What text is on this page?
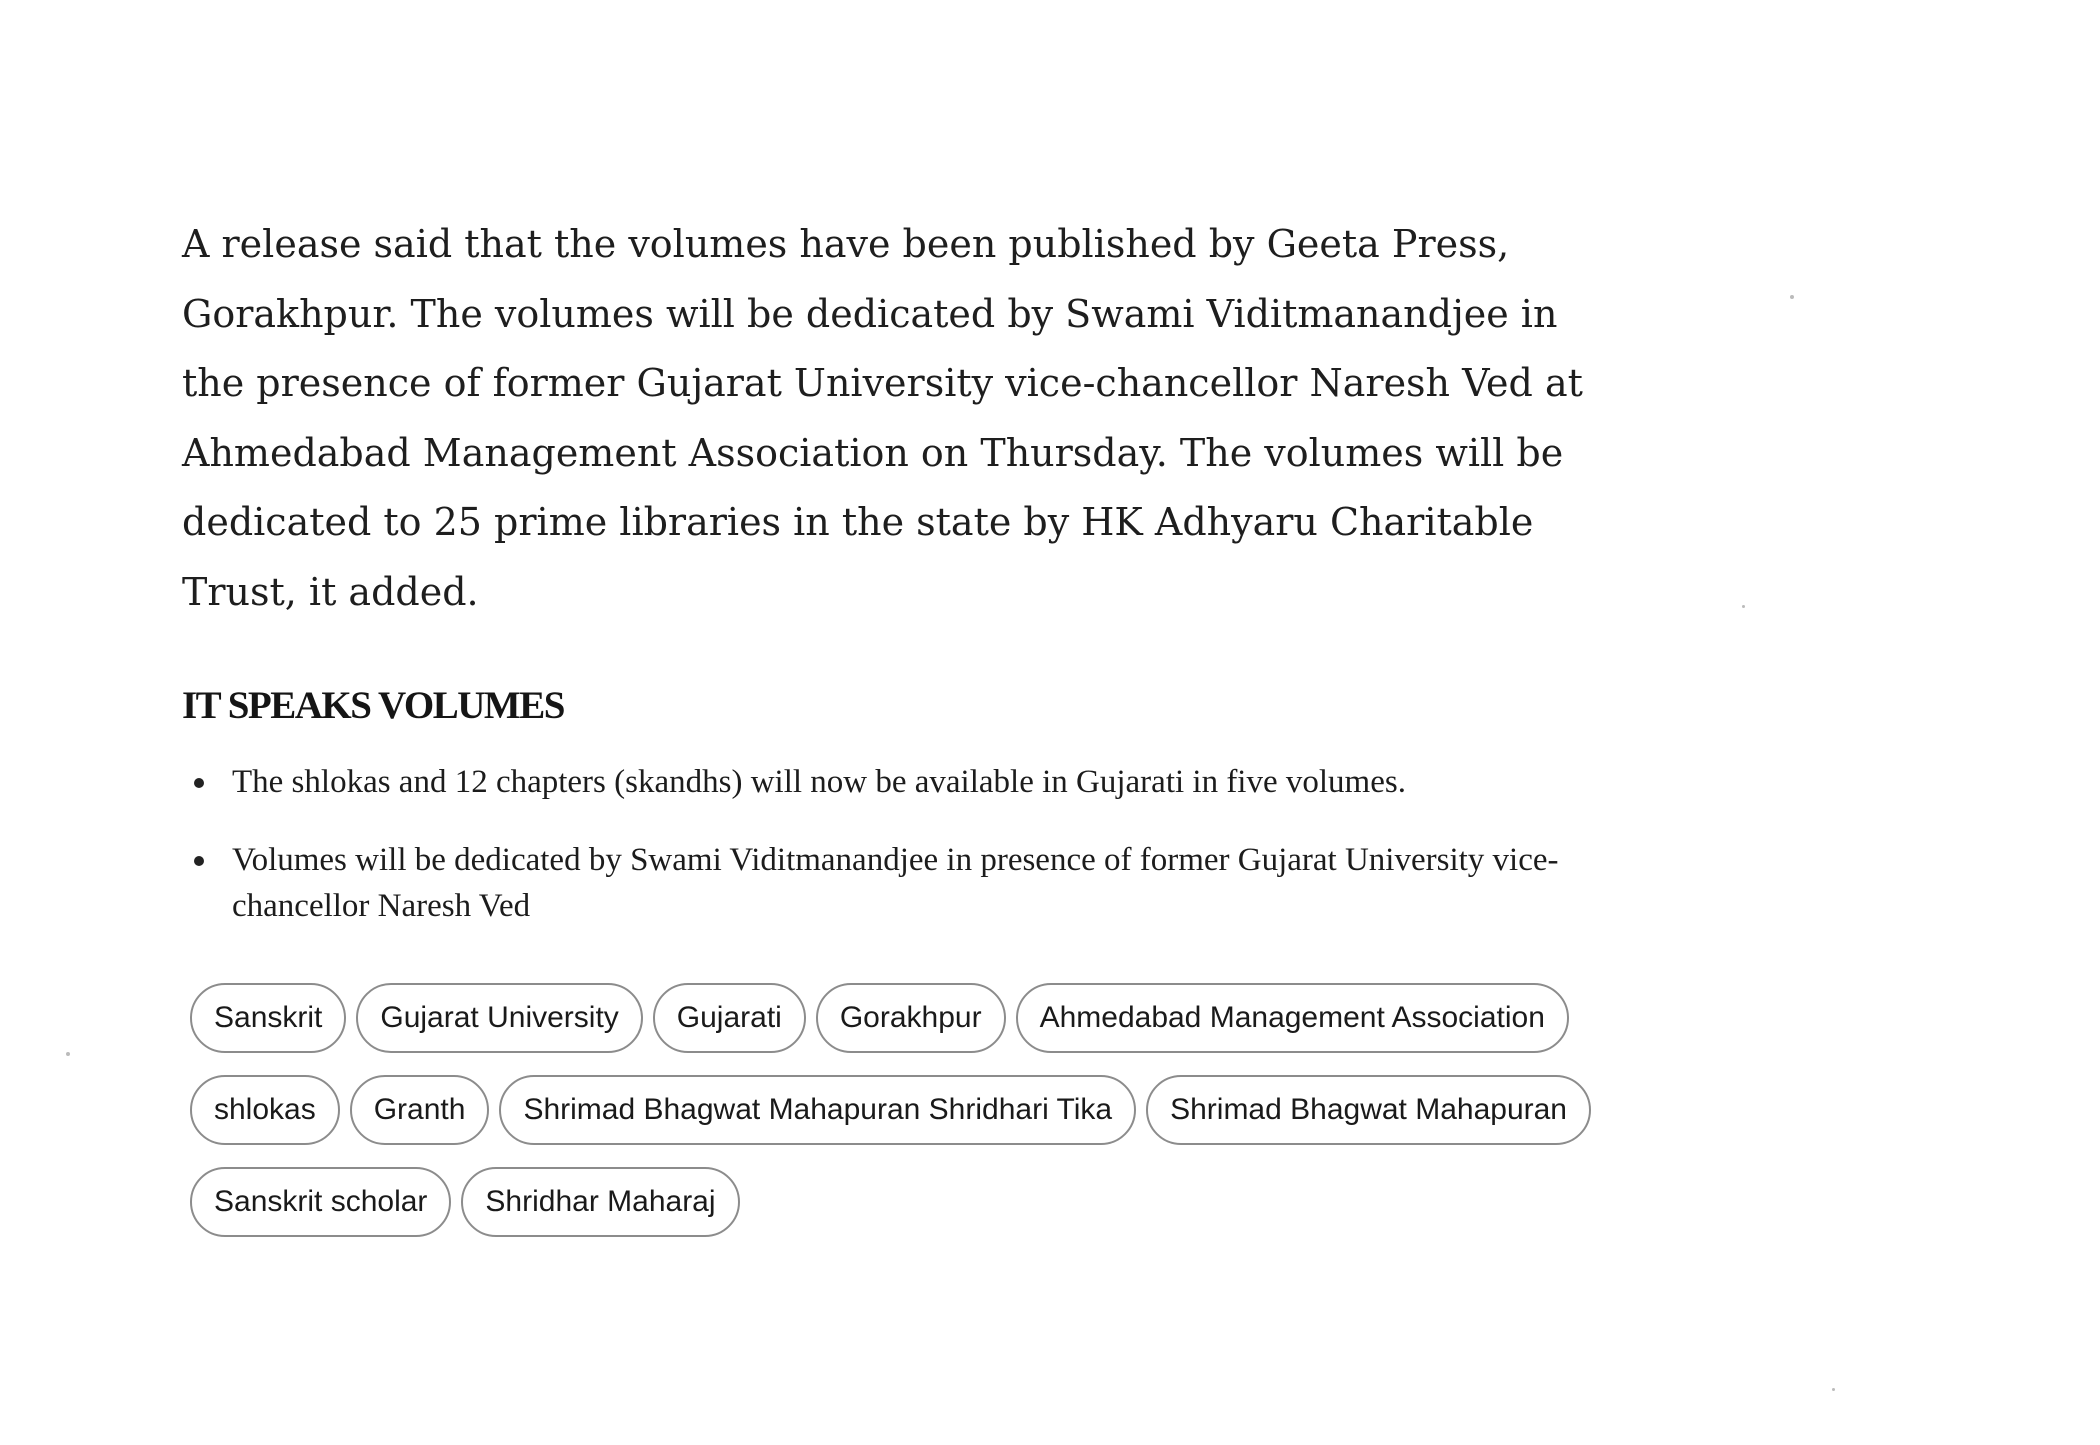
A release said that the volumes have been published by Geeta Press, Gorakhpur. The volumes will be dedicated by Swami Viditmanandjee in the presence of former Gujarat University vice-chancellor Naresh Ved at Ahmedabad Management Association on Thursday. The volumes will be dedicated to 25 prime libraries in the state by HK Adhyaru Charitable Trust, it added.

IT SPEAKS VOLUMES
The shlokas and 12 chapters (skandhs) will now be available in Gujarati in five volumes.
Volumes will be dedicated by Swami Viditmanandjee in presence of former Gujarat University vice-chancellor Naresh Ved
Sanskrit	Gujarat University	Gujarati	Gorakhpur	Ahmedabad Management Association
shlokas	Granth	Shrimad Bhagwat Mahapuran Shridhari Tika	Shrimad Bhagwat Mahapuran
Sanskrit scholar	Shridhar Maharaj
